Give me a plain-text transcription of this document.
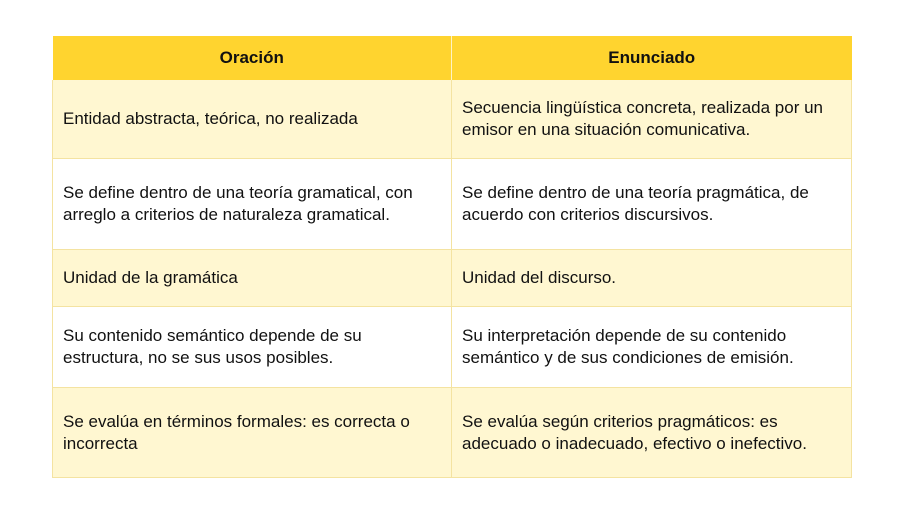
Oración	Enunciado
Entidad abstracta, teórica, no realizada	Secuencia lingüística concreta, realizada por un emisor en una situación comunicativa.
Se define dentro de una teoría gramatical, con arreglo a criterios de naturaleza gramatical.	Se define dentro de una teoría pragmática, de acuerdo con criterios discursivos.
Unidad de la gramática	Unidad del discurso.
Su contenido semántico depende de su estructura, no se sus usos posibles.	Su interpretación depende de su contenido semántico y de sus condiciones de emisión.
Se evalúa en términos formales: es correcta o incorrecta	Se evalúa según criterios pragmáticos: es adecuado o inadecuado, efectivo o inefectivo.
